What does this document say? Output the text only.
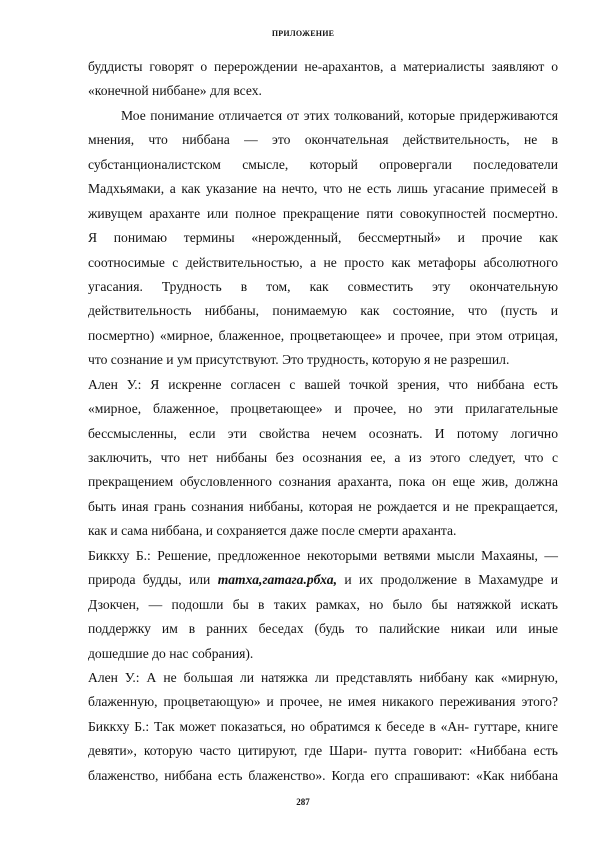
ПРИЛОЖЕНИЕ
буддисты говорят о перерождении не-арахантов, а материалисты заявляют о
«конечной ниббане» для всех.
Мое понимание отличается от этих толкований, которые придерживаются
мнения, что ниббана — это окончательная действительность, не в
субстанционалистском смысле, который опровергали последователи
Мадхьямаки, а как указание на нечто, что не есть лишь угасание примесей в
живущем араханте или полное прекращение пяти совокупностей посмертно.
Я понимаю термины «нерожденный, бессмертный» и прочие как
соотносимые с действительностью, а не просто как метафоры абсолютного
угасания. Трудность в том, как совместить эту окончательную
действительность ниббаны, понимаемую как состояние, что (пусть и
посмертно) «мирное, блаженное, процветающее» и прочее, при этом отрицая,
что сознание и ум присутствуют. Это трудность, которую я не разрешил.
Ален У.: Я искренне согласен с вашей точкой зрения, что ниббана есть
«мирное, блаженное, процветающее» и прочее, но эти прилагательные
бессмысленны, если эти свойства нечем осознать. И потому логично
заключить, что нет ниббаны без осознания ее, а из этого следует, что с
прекращением обусловленного сознания араханта, пока он еще жив, должна
быть иная грань сознания ниббаны, которая не рождается и не прекращается,
как и сама ниббана, и сохраняется даже после смерти араханта.
Биккху Б.: Решение, предложенное некоторыми ветвями мысли Махаяны, —
природа будды, или татха,гатага.рбха, и их продолжение в Махамудре и
Дзокчен, — подошли бы в таких рамках, но было бы натяжкой искать
поддержку им в ранних беседах (будь то палийские никаи или иные
дошедшие до нас собрания).
Ален У.: А не большая ли натяжка ли представлять ниббану как «мирную,
блаженную, процветающую» и прочее, не имея никакого переживания этого?
Биккху Б.: Так может показаться, но обратимся к беседе в «Ан- гуттаре, книге
девяти», которую часто цитируют, где Шари- путта говорит: «Ниббана есть
блаженство, ниббана есть блаженство». Когда его спрашивают: «Как ниббана
287
